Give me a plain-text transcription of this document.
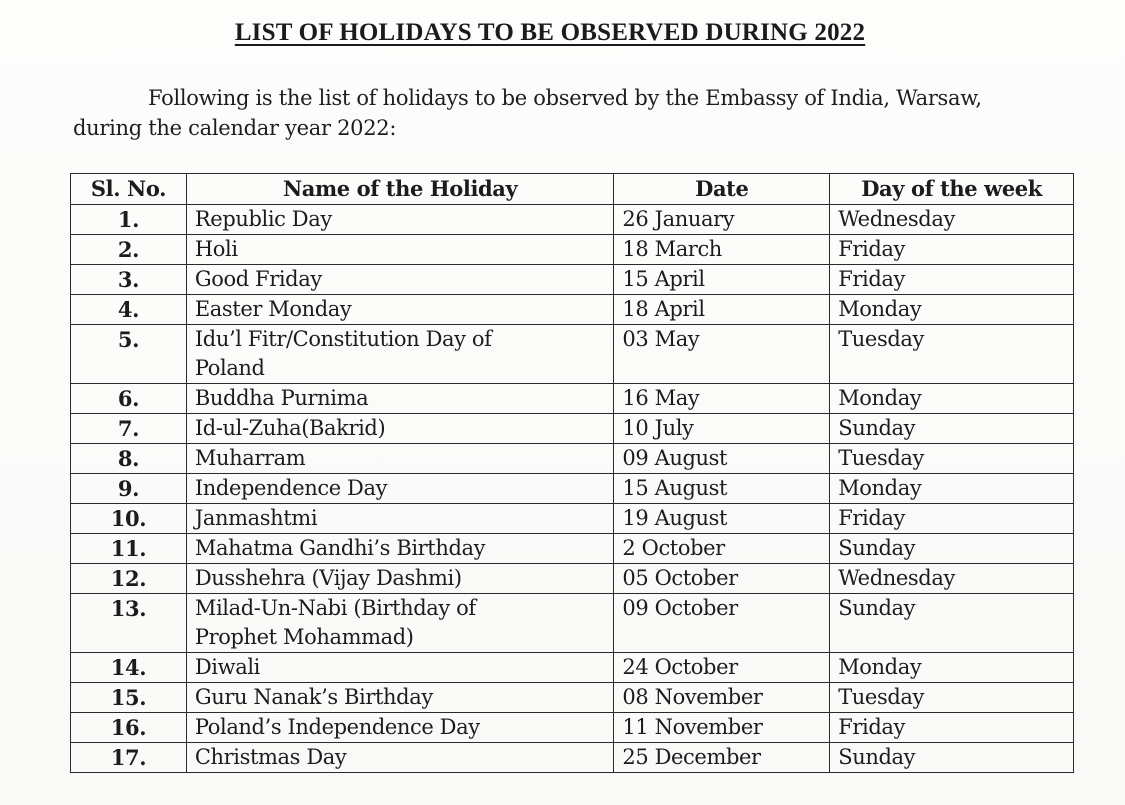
LIST OF HOLIDAYS TO BE OBSERVED DURING 2022
Following is the list of holidays to be observed by the Embassy of India, Warsaw,
during the calendar year 2022:
Sl. No.	Name of the Holiday	Date	Day of the week
1.	Republic Day	26 January	Wednesday
2.	Holi	18 March	Friday
3.	Good Friday	15 April	Friday
4.	Easter Monday	18 April	Monday
5.	Idu’l Fitr/Constitution Day of
Poland	03 May	Tuesday
6.	Buddha Purnima	16 May	Monday
7.	Id-ul-Zuha(Bakrid)	10 July	Sunday
8.	Muharram	09 August	Tuesday
9.	Independence Day	15 August	Monday
10.	Janmashtmi	19 August	Friday
11.	Mahatma Gandhi’s Birthday	2 October	Sunday
12.	Dusshehra (Vijay Dashmi)	05 October	Wednesday
13.	Milad-Un-Nabi (Birthday of
Prophet Mohammad)	09 October	Sunday
14.	Diwali	24 October	Monday
15.	Guru Nanak’s Birthday	08 November	Tuesday
16.	Poland’s Independence Day	11 November	Friday
17.	Christmas Day	25 December	Sunday
